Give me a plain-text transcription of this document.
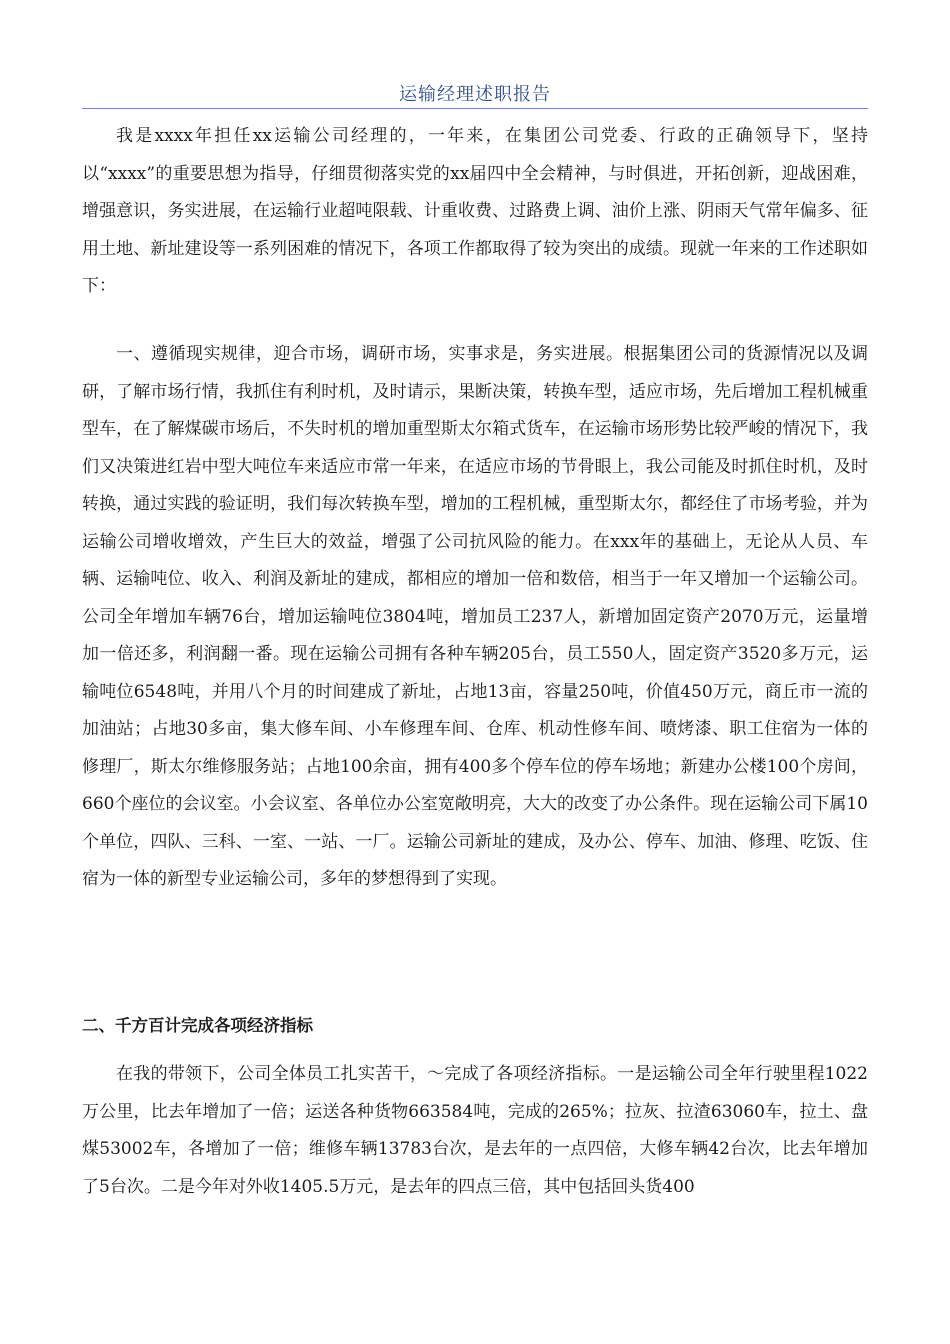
运输经理述职报告

我是xxxx年担任xx运输公司经理的，一年来，在集团公司党委、行政的正确领导下，坚持以“xxxx”的重要思想为指导，仔细贯彻落实党的xx届四中全会精神，与时俱进，开拓创新，迎战困难，增强意识，务实进展，在运输行业超吨限载、计重收费、过路费上调、油价上涨、阴雨天气常年偏多、征用土地、新址建设等一系列困难的情况下，各项工作都取得了较为突出的成绩。现就一年来的工作述职如下：

一、遵循现实规律，迎合市场，调研市场，实事求是，务实进展。根据集团公司的货源情况以及调研，了解市场行情，我抓住有利时机，及时请示，果断决策，转换车型，适应市场，先后增加工程机械重型车，在了解煤碳市场后，不失时机的增加重型斯太尔箱式货车，在运输市场形势比较严峻的情况下，我们又决策进红岩中型大吨位车来适应市常一年来，在适应市场的节骨眼上，我公司能及时抓住时机，及时转换，通过实践的验证明，我们每次转换车型，增加的工程机械，重型斯太尔，都经住了市场考验，并为运输公司增收增效，产生巨大的效益，增强了公司抗风险的能力。在xxx年的基础上，无论从人员、车辆、运输吨位、收入、利润及新址的建成，都相应的增加一倍和数倍，相当于一年又增加一个运输公司。公司全年增加车辆76台，增加运输吨位3804吨，增加员工237人，新增加固定资产2070万元，运量增加一倍还多，利润翻一番。现在运输公司拥有各种车辆205台，员工550人，固定资产3520多万元，运输吨位6548吨，并用八个月的时间建成了新址，占地13亩，容量250吨，价值450万元，商丘市一流的加油站；占地30多亩，集大修车间、小车修理车间、仓库、机动性修车间、喷烤漆、职工住宿为一体的修理厂，斯太尔维修服务站；占地100余亩，拥有400多个停车位的停车场地；新建办公楼100个房间，660个座位的会议室。小会议室、各单位办公室宽敞明亮，大大的改变了办公条件。现在运输公司下属10个单位，四队、三科、一室、一站、一厂。运输公司新址的建成，及办公、停车、加油、修理、吃饭、住宿为一体的新型专业运输公司，多年的梦想得到了实现。

二、千方百计完成各项经济指标

在我的带领下，公司全体员工扎实苦干，～完成了各项经济指标。一是运输公司全年行驶里程1022万公里，比去年增加了一倍；运送各种货物663584吨，完成的265%；拉灰、拉渣63060车，拉土、盘煤53002车，各增加了一倍；维修车辆13783台次，是去年的一点四倍，大修车辆42台次，比去年增加了5台次。二是今年对外收1405.5万元，是去年的四点三倍，其中包括回头货400
